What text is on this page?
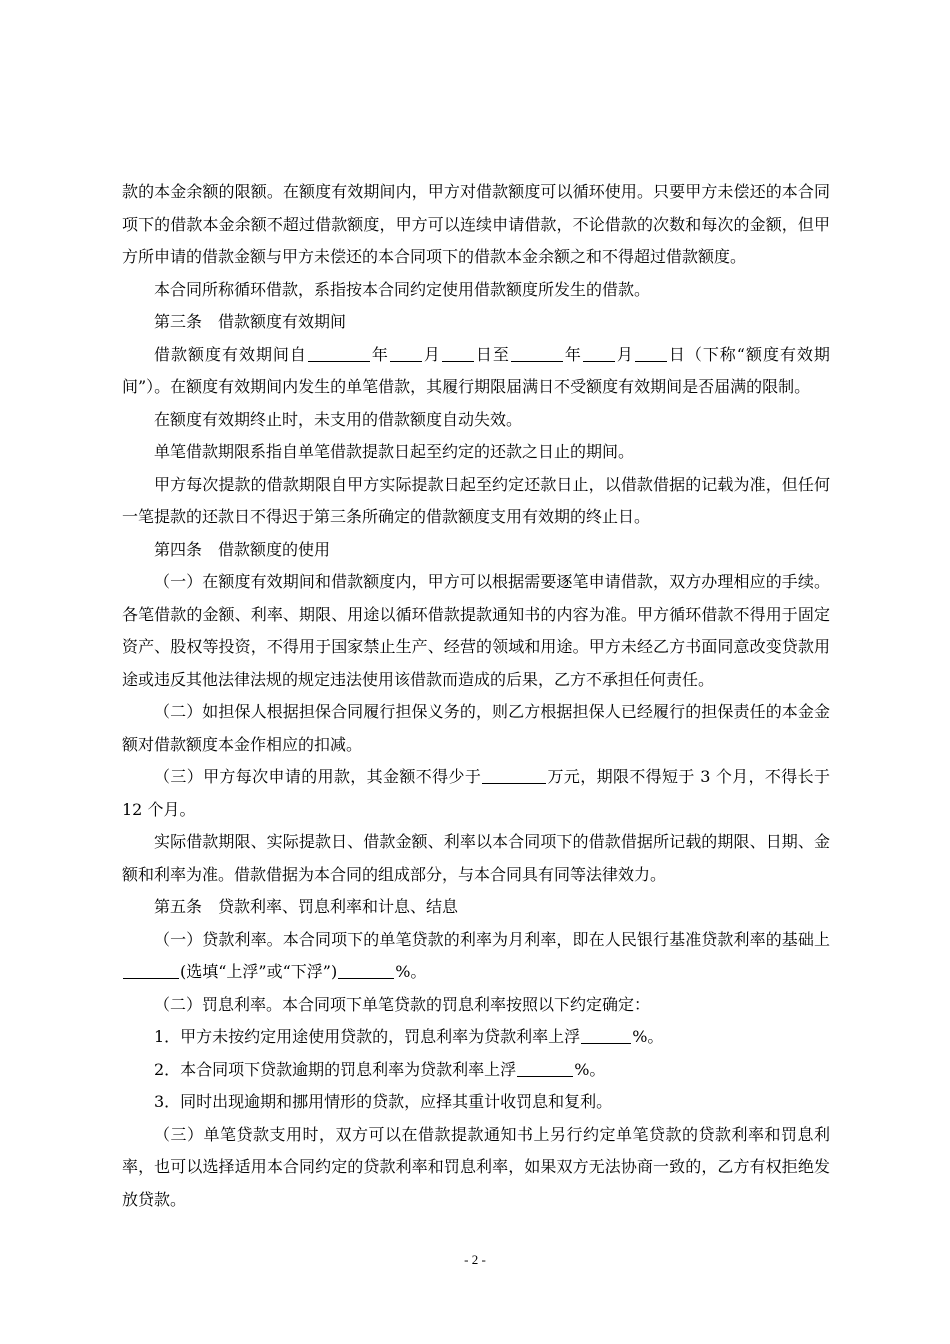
款的本金余额的限额。在额度有效期间内，甲方对借款额度可以循环使用。只要甲方未偿还的本合同项下的借款本金余额不超过借款额度，甲方可以连续申请借款，不论借款的次数和每次的金额，但甲方所申请的借款金额与甲方未偿还的本合同项下的借款本金余额之和不得超过借款额度。

本合同所称循环借款，系指按本合同约定使用借款额度所发生的借款。

第三条　借款额度有效期间

借款额度有效期间自	年 月 日至	年 月 日（下称“额度有效期间”）。在额度有效期间内发生的单笔借款，其履行期限届满日不受额度有效期间是否届满的限制。

在额度有效期终止时，未支用的借款额度自动失效。

单笔借款期限系指自单笔借款提款日起至约定的还款之日止的期间。

甲方每次提款的借款期限自甲方实际提款日起至约定还款日止，以借款借据的记载为准，但任何一笔提款的还款日不得迟于第三条所确定的借款额度支用有效期的终止日。

第四条　借款额度的使用

（一）在额度有效期间和借款额度内，甲方可以根据需要逐笔申请借款，双方办理相应的手续。各笔借款的金额、利率、期限、用途以循环借款提款通知书的内容为准。甲方循环借款不得用于固定资产、股权等投资，不得用于国家禁止生产、经营的领域和用途。甲方未经乙方书面同意改变贷款用途或违反其他法律法规的规定违法使用该借款而造成的后果，乙方不承担任何责任。

（二）如担保人根据担保合同履行担保义务的，则乙方根据担保人已经履行的担保责任的本金金额对借款额度本金作相应的扣减。

（三）甲方每次申请的用款，其金额不得少于	万元，期限不得短于 3 个月，不得长于 12 个月。

实际借款期限、实际提款日、借款金额、利率以本合同项下的借款借据所记载的期限、日期、金额和利率为准。借款借据为本合同的组成部分，与本合同具有同等法律效力。

第五条　贷款利率、罚息利率和计息、结息

（一）贷款利率。本合同项下的单笔贷款的利率为月利率，即在人民银行基准贷款利率的基础上(选填“上浮”或“下浮”)	%。

（二）罚息利率。本合同项下单笔贷款的罚息利率按照以下约定确定：

1．甲方未按约定用途使用贷款的，罚息利率为贷款利率上浮	%。

2．本合同项下贷款逾期的罚息利率为贷款利率上浮	%。

3．同时出现逾期和挪用情形的贷款，应择其重计收罚息和复利。

（三）单笔贷款支用时，双方可以在借款提款通知书上另行约定单笔贷款的贷款利率和罚息利率，也可以选择适用本合同约定的贷款利率和罚息利率，如果双方无法协商一致的，乙方有权拒绝发放贷款。

- 2 -
